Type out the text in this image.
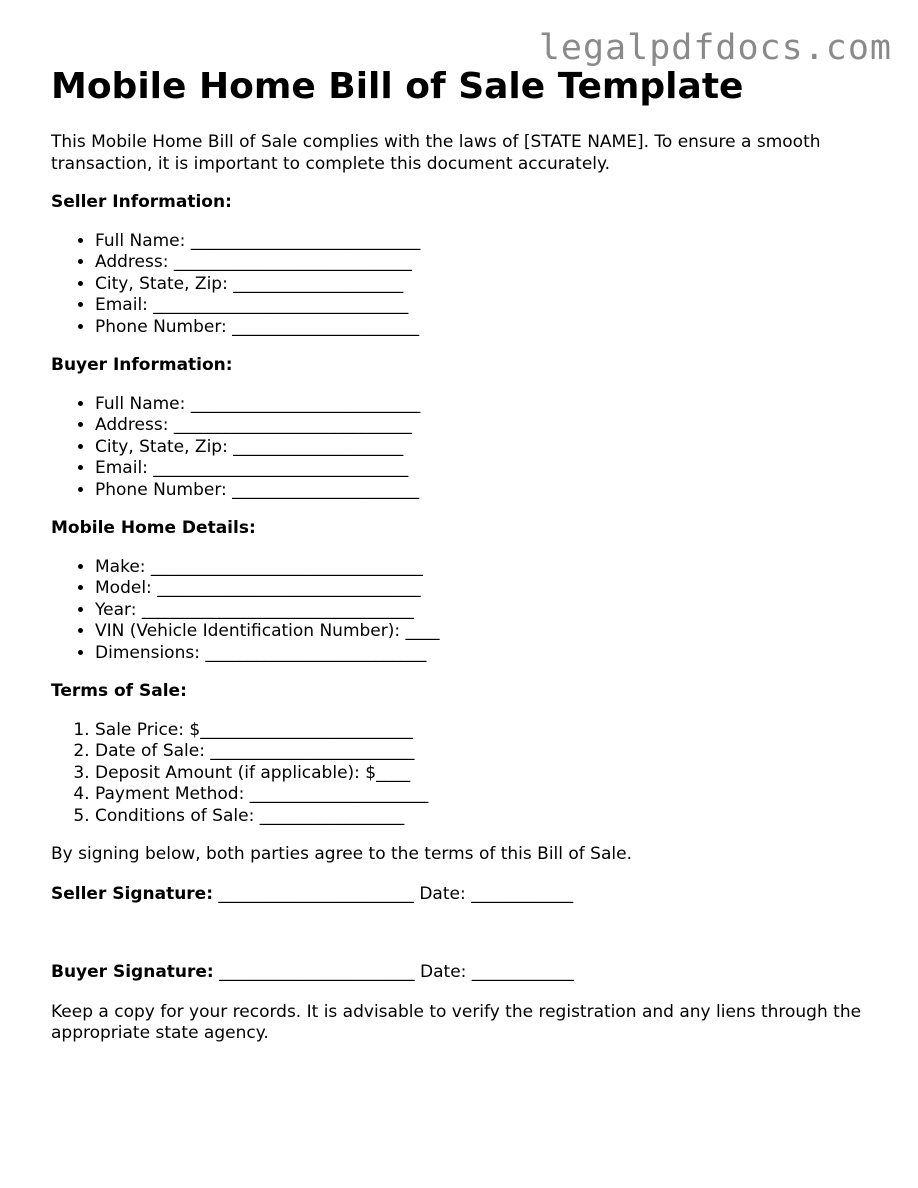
legalpdfdocs.com
Mobile Home Bill of Sale Template

This Mobile Home Bill of Sale complies with the laws of [STATE NAME]. To ensure a smooth transaction, it is important to complete this document accurately.

Seller Information:
• Full Name: ___________________________
• Address: ____________________________
• City, State, Zip: ____________________
• Email: ______________________________
• Phone Number: ______________________
Buyer Information:
• Full Name: ___________________________
• Address: ____________________________
• City, State, Zip: ____________________
• Email: ______________________________
• Phone Number: ______________________
Mobile Home Details:
• Make: ________________________________
• Model: _______________________________
• Year: ________________________________
• VIN (Vehicle Identification Number): ____
• Dimensions: __________________________
Terms of Sale:
1. Sale Price: $_________________________
2. Date of Sale: ________________________
3. Deposit Amount (if applicable): $____
4. Payment Method: _____________________
5. Conditions of Sale: _________________

By signing below, both parties agree to the terms of this Bill of Sale.

Seller Signature: _______________________ Date: ____________
Buyer Signature: _______________________ Date: ____________

Keep a copy for your records. It is advisable to verify the registration and any liens through the appropriate state agency.
